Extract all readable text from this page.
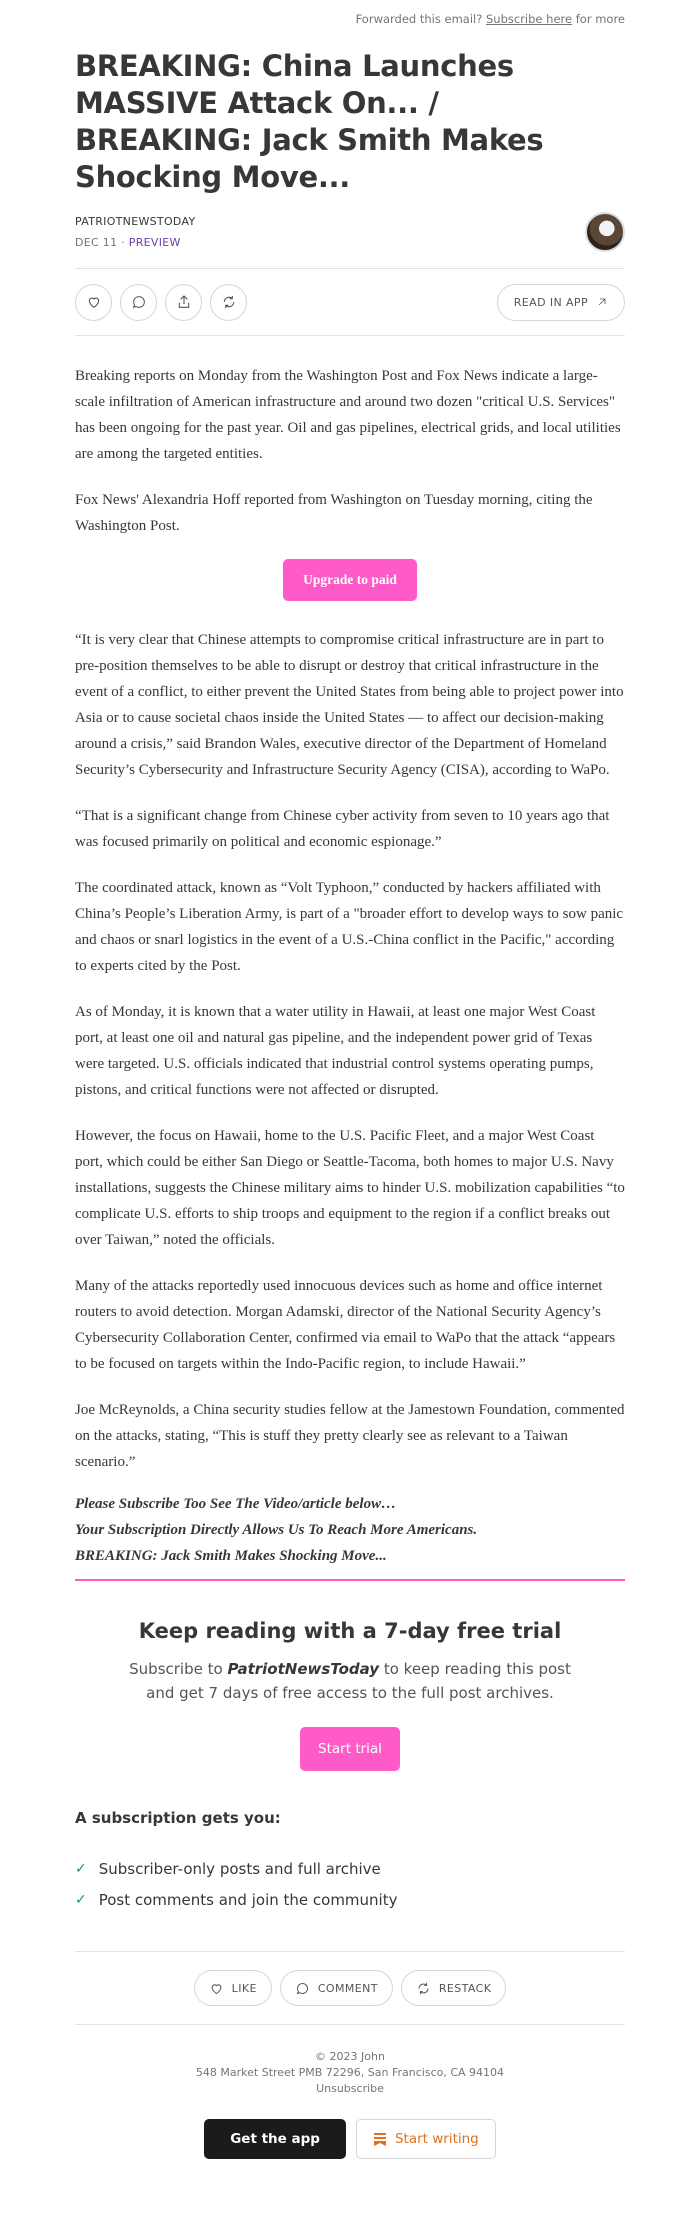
Forwarded this email? Subscribe here for more
BREAKING: China Launches MASSIVE Attack On... / BREAKING: Jack Smith Makes Shocking Move...
PATRIOTNEWSTODAY
DEC 11 · PREVIEW
READ IN APP

Breaking reports on Monday from the Washington Post and Fox News indicate a large-scale infiltration of American infrastructure and around two dozen "critical U.S. Services" has been ongoing for the past year. Oil and gas pipelines, electrical grids, and local utilities are among the targeted entities.

Fox News' Alexandria Hoff reported from Washington on Tuesday morning, citing the Washington Post.

Upgrade to paid

“It is very clear that Chinese attempts to compromise critical infrastructure are in part to pre-position themselves to be able to disrupt or destroy that critical infrastructure in the event of a conflict, to either prevent the United States from being able to project power into Asia or to cause societal chaos inside the United States — to affect our decision-making around a crisis,” said Brandon Wales, executive director of the Department of Homeland Security’s Cybersecurity and Infrastructure Security Agency (CISA), according to WaPo.

“That is a significant change from Chinese cyber activity from seven to 10 years ago that was focused primarily on political and economic espionage.”

The coordinated attack, known as “Volt Typhoon,” conducted by hackers affiliated with China’s People’s Liberation Army, is part of a "broader effort to develop ways to sow panic and chaos or snarl logistics in the event of a U.S.-China conflict in the Pacific," according to experts cited by the Post.

As of Monday, it is known that a water utility in Hawaii, at least one major West Coast port, at least one oil and natural gas pipeline, and the independent power grid of Texas were targeted. U.S. officials indicated that industrial control systems operating pumps, pistons, and critical functions were not affected or disrupted.

However, the focus on Hawaii, home to the U.S. Pacific Fleet, and a major West Coast port, which could be either San Diego or Seattle-Tacoma, both homes to major U.S. Navy installations, suggests the Chinese military aims to hinder U.S. mobilization capabilities “to complicate U.S. efforts to ship troops and equipment to the region if a conflict breaks out over Taiwan,” noted the officials.

Many of the attacks reportedly used innocuous devices such as home and office internet routers to avoid detection. Morgan Adamski, director of the National Security Agency’s Cybersecurity Collaboration Center, confirmed via email to WaPo that the attack “appears to be focused on targets within the Indo-Pacific region, to include Hawaii.”

Joe McReynolds, a China security studies fellow at the Jamestown Foundation, commented on the attacks, stating, “This is stuff they pretty clearly see as relevant to a Taiwan scenario.”

Please Subscribe Too See The Video/article below…
Your Subscription Directly Allows Us To Reach More Americans.
BREAKING: Jack Smith Makes Shocking Move...
Keep reading with a 7-day free trial
Subscribe to PatriotNewsToday to keep reading this post and get 7 days of free access to the full post archives.
Start trial
A subscription gets you:
✓ Subscriber-only posts and full archive
✓ Post comments and join the community
LIKE	COMMENT	RESTACK
© 2023 John
548 Market Street PMB 72296, San Francisco, CA 94104
Unsubscribe
Get the app	Start writing
